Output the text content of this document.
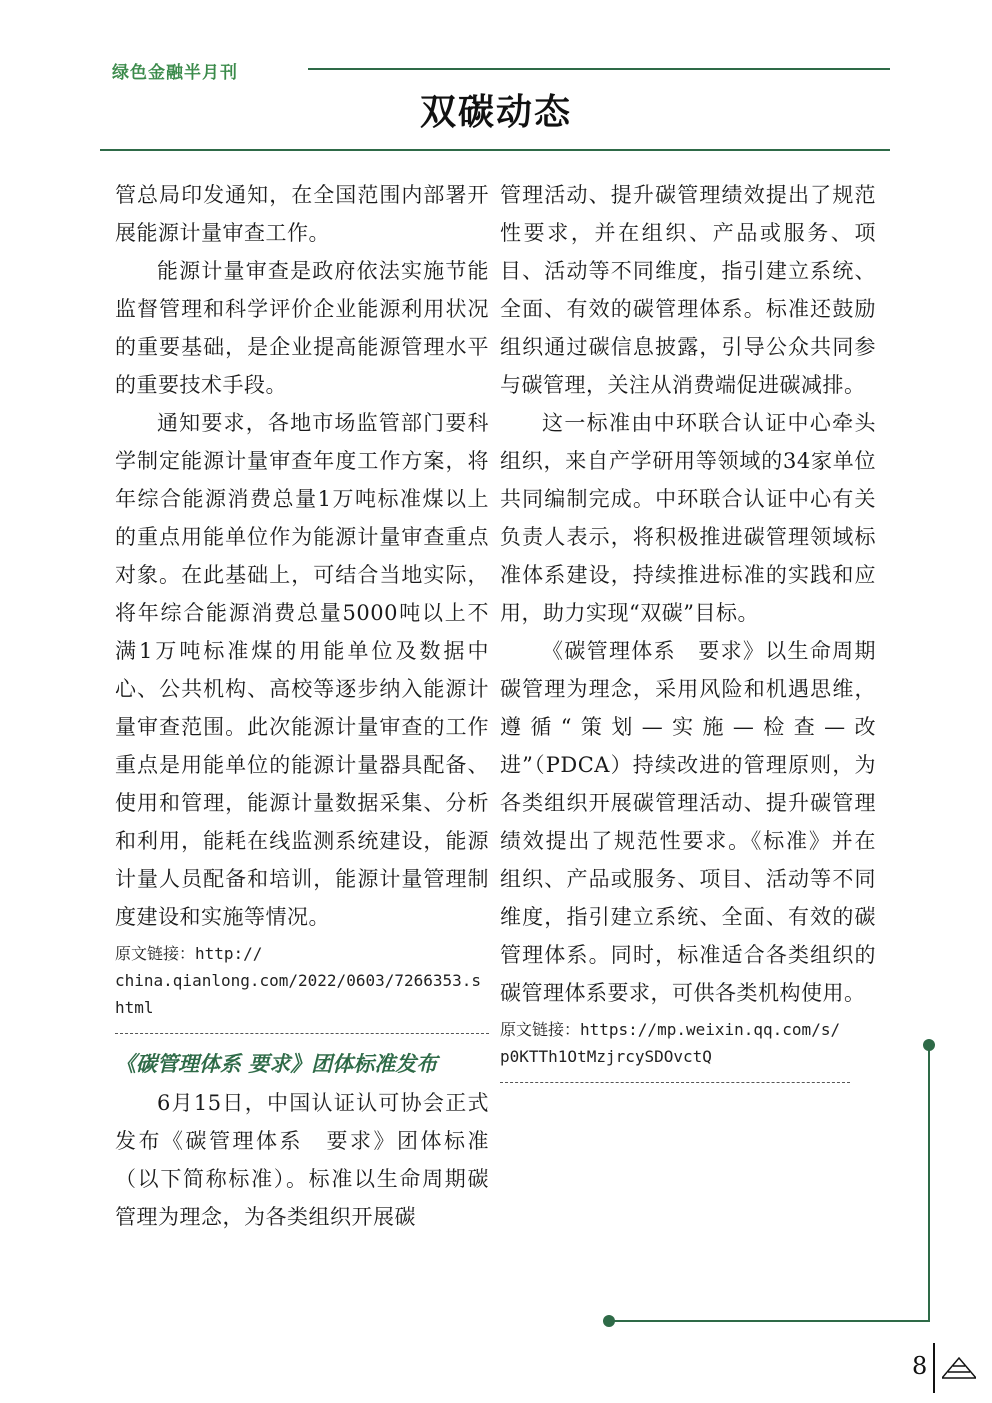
绿色金融半月刊
双碳动态

管总局印发通知，在全国范围内部署开展能源计量审查工作。

能源计量审查是政府依法实施节能监督管理和科学评价企业能源利用状况的重要基础，是企业提高能源管理水平的重要技术手段。

通知要求，各地市场监管部门要科学制定能源计量审查年度工作方案，将年综合能源消费总量1万吨标准煤以上的重点用能单位作为能源计量审查重点对象。在此基础上，可结合当地实际，将年综合能源消费总量5000吨以上不满1万吨标准煤的用能单位及数据中心、公共机构、高校等逐步纳入能源计量审查范围。此次能源计量审查的工作重点是用能单位的能源计量器具配备、使用和管理，能源计量数据采集、分析和利用，能耗在线监测系统建设，能源计量人员配备和培训，能源计量管理制度建设和实施等情况。

原文链接：http://
china.qianlong.com/2022/0603/7266353.shtml
《碳管理体系 要求》团体标准发布

6月15日，中国认证认可协会正式发布《碳管理体系　要求》团体标准（以下简称标准）。标准以生命周期碳管理为理念，为各类组织开展碳

管理活动、提升碳管理绩效提出了规范性要求，并在组织、产品或服务、项目、活动等不同维度，指引建立系统、全面、有效的碳管理体系。标准还鼓励组织通过碳信息披露，引导公众共同参与碳管理，关注从消费端促进碳减排。

这一标准由中环联合认证中心牵头组织，来自产学研用等领域的34家单位共同编制完成。中环联合认证中心有关负责人表示，将积极推进碳管理领域标准体系建设，持续推进标准的实践和应用，助力实现“双碳”目标。

《碳管理体系　要求》以生命周期碳管理为理念，采用风险和机遇思维，遵循“策划—实施—检查—改进”（PDCA）持续改进的管理原则，为各类组织开展碳管理活动、提升碳管理绩效提出了规范性要求。《标准》并在组织、产品或服务、项目、活动等不同维度，指引建立系统、全面、有效的碳管理体系。同时，标准适合各类组织的碳管理体系要求，可供各类机构使用。

原文链接：https://mp.weixin.qq.com/s/
p0KTTh1OtMzjrcySDOvctQ
8
